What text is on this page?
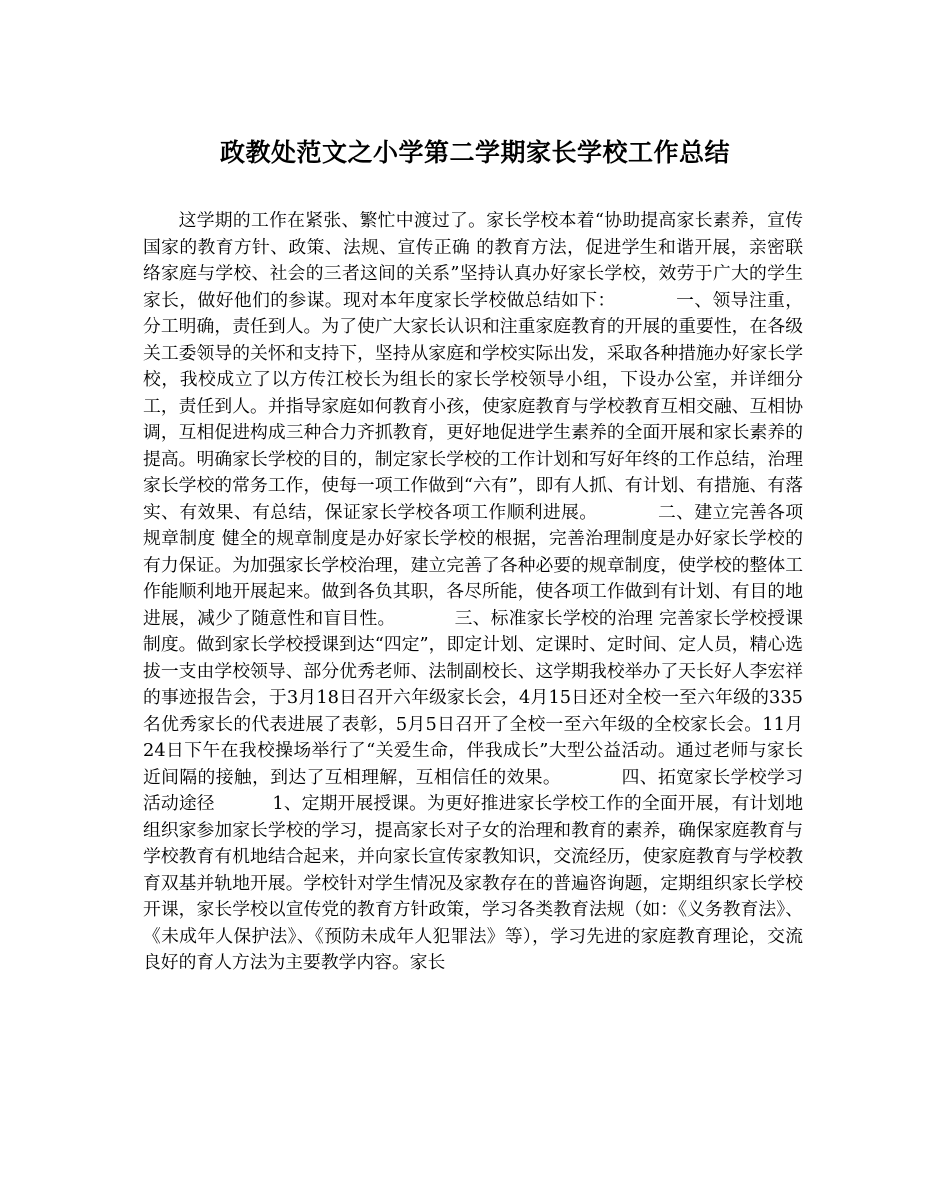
政教处范文之小学第二学期家长学校工作总结

这学期的工作在紧张、繁忙中渡过了。家长学校本着“协助提高家长素养，宣传国家的教育方针、政策、法规、宣传正确 的教育方法，促进学生和谐开展，亲密联络家庭与学校、社会的三者这间的关系”坚持认真办好家长学校，效劳于广大的学生家长，做好他们的参谋。现对本年度家长学校做总结如下：          一、领导注重，分工明确，责任到人。为了使广大家长认识和注重家庭教育的开展的重要性，在各级关工委领导的关怀和支持下，坚持从家庭和学校实际出发，采取各种措施办好家长学校，我校成立了以方传江校长为组长的家长学校领导小组，下设办公室，并详细分工，责任到人。并指导家庭如何教育小孩，使家庭教育与学校教育互相交融、互相协调，互相促进构成三种合力齐抓教育，更好地促进学生素养的全面开展和家长素养的提高。明确家长学校的目的，制定家长学校的工作计划和写好年终的工作总结，治理家长学校的常务工作，使每一项工作做到“六有”，即有人抓、有计划、有措施、有落实、有效果、有总结，保证家长学校各项工作顺利进展。          二、建立完善各项规章制度 健全的规章制度是办好家长学校的根据，完善治理制度是办好家长学校的有力保证。为加强家长学校治理，建立完善了各种必要的规章制度，使学校的整体工作能顺利地开展起来。做到各负其职，各尽所能，使各项工作做到有计划、有目的地进展，减少了随意性和盲目性。          三、标准家长学校的治理 完善家长学校授课制度。做到家长学校授课到达“四定”，即定计划、定课时、定时间、定人员，精心选拔一支由学校领导、部分优秀老师、法制副校长、这学期我校举办了天长好人李宏祥的事迹报告会，于3月18日召开六年级家长会，4月15日还对全校一至六年级的335名优秀家长的代表进展了表彰，5月5日召开了全校一至六年级的全校家长会。11月24日下午在我校操场举行了“关爱生命，伴我成长”大型公益活动。通过老师与家长近间隔的接触，到达了互相理解，互相信任的效果。          四、拓宽家长学校学习活动途径          1、定期开展授课。为更好推进家长学校工作的全面开展，有计划地组织家参加家长学校的学习，提高家长对子女的治理和教育的素养，确保家庭教育与学校教育有机地结合起来，并向家长宣传家教知识，交流经历，使家庭教育与学校教育双基并轨地开展。学校针对学生情况及家教存在的普遍咨询题，定期组织家长学校开课，家长学校以宣传党的教育方针政策，学习各类教育法规（如：《义务教育法》、《未成年人保护法》、《预防未成年人犯罪法》等），学习先进的家庭教育理论，交流良好的育人方法为主要教学内容。家长
